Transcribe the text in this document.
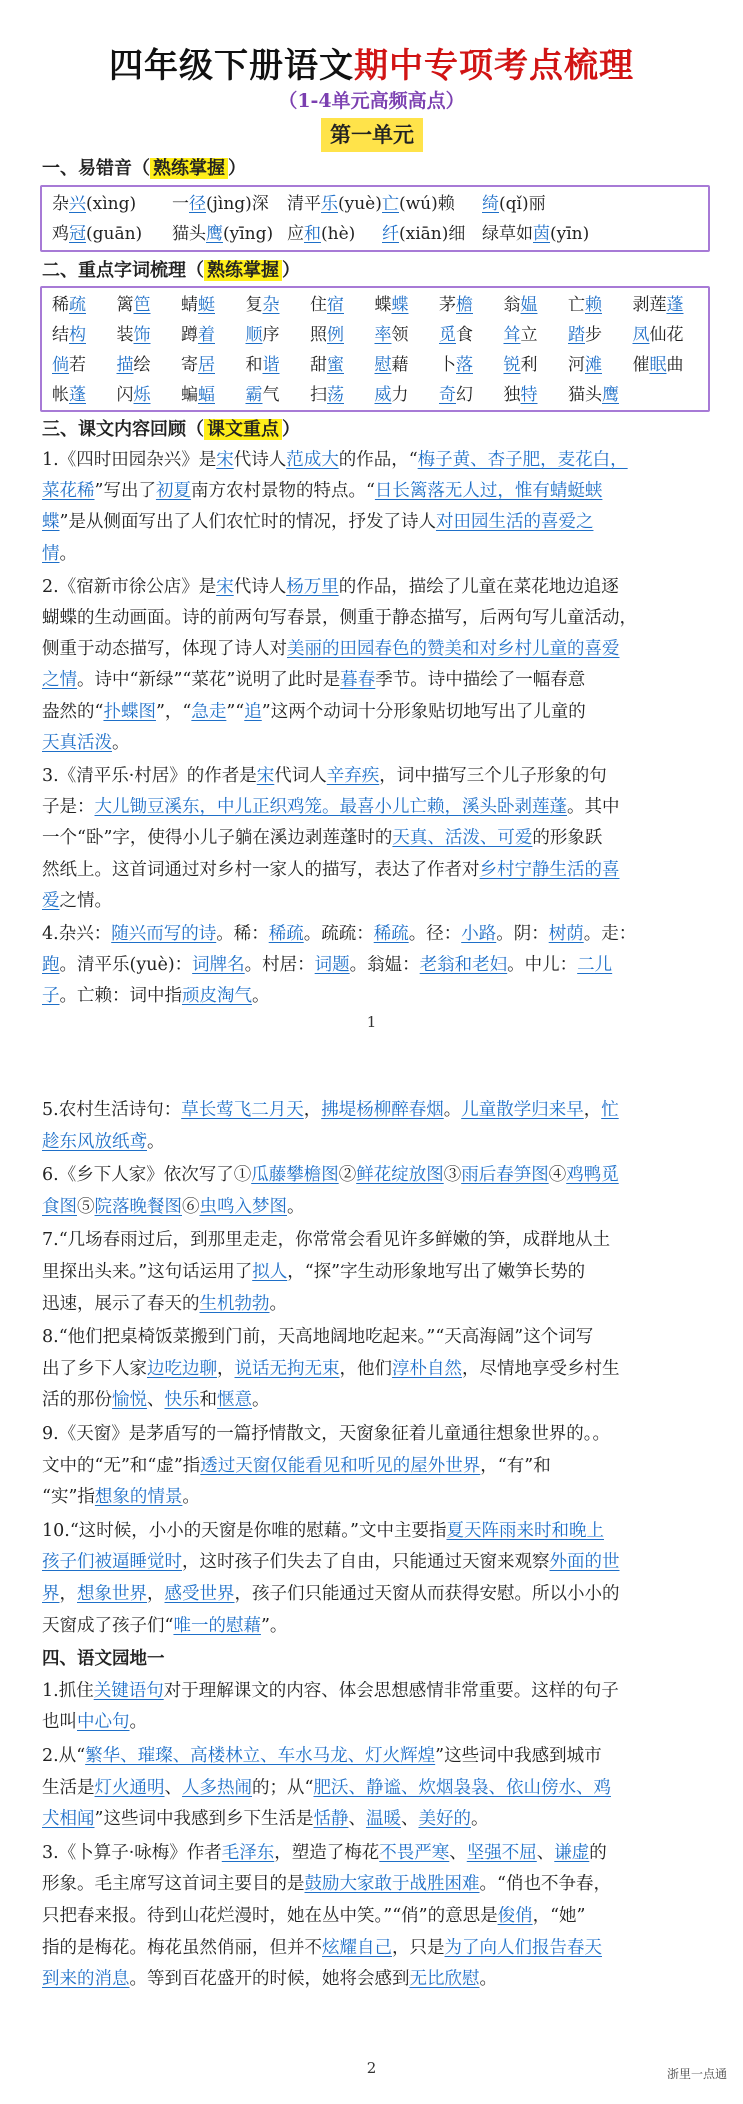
四年级下册语文期中专项考点梳理
（1-4单元高频高点）
第一单元
一、易错音（ 熟练掌握 ）
杂兴(xìng) 一径(jìng)深 清平乐(yuè) 亡(wú)赖 绮(qǐ)丽
鸡冠(guān) 猫头鹰(yīng) 应和(hè) 纤(xiān)细 绿草如茵(yīn)
二、重点字词梳理（ 熟练掌握 ）
稀疏 篱笆 蜻蜓 复杂 住宿 蝶蝶 茅檐 翁媪 亡赖 剥莲蓬
结构 装饰 蹲着 顺序 照例 率领 觅食 耸立 踏步 凤仙花
倘若 描绘 寄居 和谐 甜蜜 慰藉 卜落 锐利 河滩 催眠曲
帐蓬 闪烁 蝙蝠 霸气 扫荡 威力 奇幻 独特 猫头鹰
三、课文内容回顾（ 课文重点 ）
1.《四时田园杂兴》是宋代诗人范成大的作品，“梅子黄、杏子肥，麦花白，
菜花稀”写出了初夏南方农村景物的特点。“日长篱落无人过，惟有蜻蜓蛱
蝶”是从侧面写出了人们农忙时的情况，抒发了诗人对田园生活的喜爱之
情。
2.《宿新市徐公店》是宋代诗人杨万里的作品，描绘了儿童在菜花地边追逐
蝴蝶的生动画面。诗的前两句写春景，侧重于静态描写，后两句写儿童活动，
侧重于动态描写，体现了诗人对美丽的田园春色的赞美和对乡村儿童的喜爱
之情。诗中“新绿”“菜花”说明了此时是暮春季节。诗中描绘了一幅春意
盎然的“扑蝶图”，“急走”“追”这两个动词十分形象贴切地写出了儿童的
天真活泼。
3.《清平乐·村居》的作者是宋代词人辛弃疾，词中描写三个儿子形象的句
子是：大儿锄豆溪东，中儿正织鸡笼。最喜小儿亡赖，溪头卧剥莲蓬。其中
一个“卧”字，使得小儿子躺在溪边剥莲蓬时的天真、活泼、可爱的形象跃
然纸上。这首词通过对乡村一家人的描写，表达了作者对乡村宁静生活的喜
爱之情。
4.杂兴：随兴而写的诗。稀：稀疏。疏疏：稀疏。径：小路。阴：树荫。走：
跑。清平乐(yuè)：词牌名。村居：词题。翁媪：老翁和老妇。中儿：二儿
子。亡赖：词中指顽皮淘气。
1
5.农村生活诗句：草长莺飞二月天，拂堤杨柳醉春烟。儿童散学归来早，忙
趁东风放纸鸢。
6.《乡下人家》依次写了①瓜藤攀檐图②鲜花绽放图③雨后春笋图④鸡鸭觅
食图⑤院落晚餐图⑥虫鸣入梦图。
7.“几场春雨过后，到那里走走，你常常会看见许多鲜嫩的笋，成群地从土
里探出头来。”这句话运用了拟人，“探”字生动形象地写出了嫩笋长势的
迅速，展示了春天的生机勃勃。
8.“他们把桌椅饭菜搬到门前，天高地阔地吃起来。”“天高海阔”这个词写
出了乡下人家边吃边聊，说话无拘无束，他们淳朴自然，尽情地享受乡村生
活的那份愉悦、快乐和惬意。
9.《天窗》是茅盾写的一篇抒情散文，天窗象征着儿童通往想象世界的。。
文中的“无”和“虚”指透过天窗仅能看见和听见的屋外世界，“有”和
“实”指想象的情景。
10.“这时候，小小的天窗是你唯的慰藉。”文中主要指夏天阵雨来时和晚上
孩子们被逼睡觉时，这时孩子们失去了自由，只能通过天窗来观察外面的世
界，想象世界，感受世界，孩子们只能通过天窗从而获得安慰。所以小小的
天窗成了孩子们“唯一的慰藉”。
四、语文园地一
1.抓住关键语句对于理解课文的内容、体会思想感情非常重要。这样的句子
也叫中心句。
2.从“繁华、璀璨、高楼林立、车水马龙、灯火辉煌”这些词中我感到城市
生活是灯火通明、人多热闹的；从“肥沃、静谧、炊烟袅袅、依山傍水、鸡
犬相闻”这些词中我感到乡下生活是恬静、温暖、美好的。
3.《卜算子·咏梅》作者毛泽东，塑造了梅花不畏严寒、坚强不屈、谦虚的
形象。毛主席写这首词主要目的是鼓励大家敢于战胜困难。“俏也不争春，
只把春来报。待到山花烂漫时，她在丛中笑。”“俏”的意思是俊俏，“她”
指的是梅花。梅花虽然俏丽，但并不炫耀自己，只是为了向人们报告春天
到来的消息。等到百花盛开的时候，她将会感到无比欣慰。
2	浙里一点通
